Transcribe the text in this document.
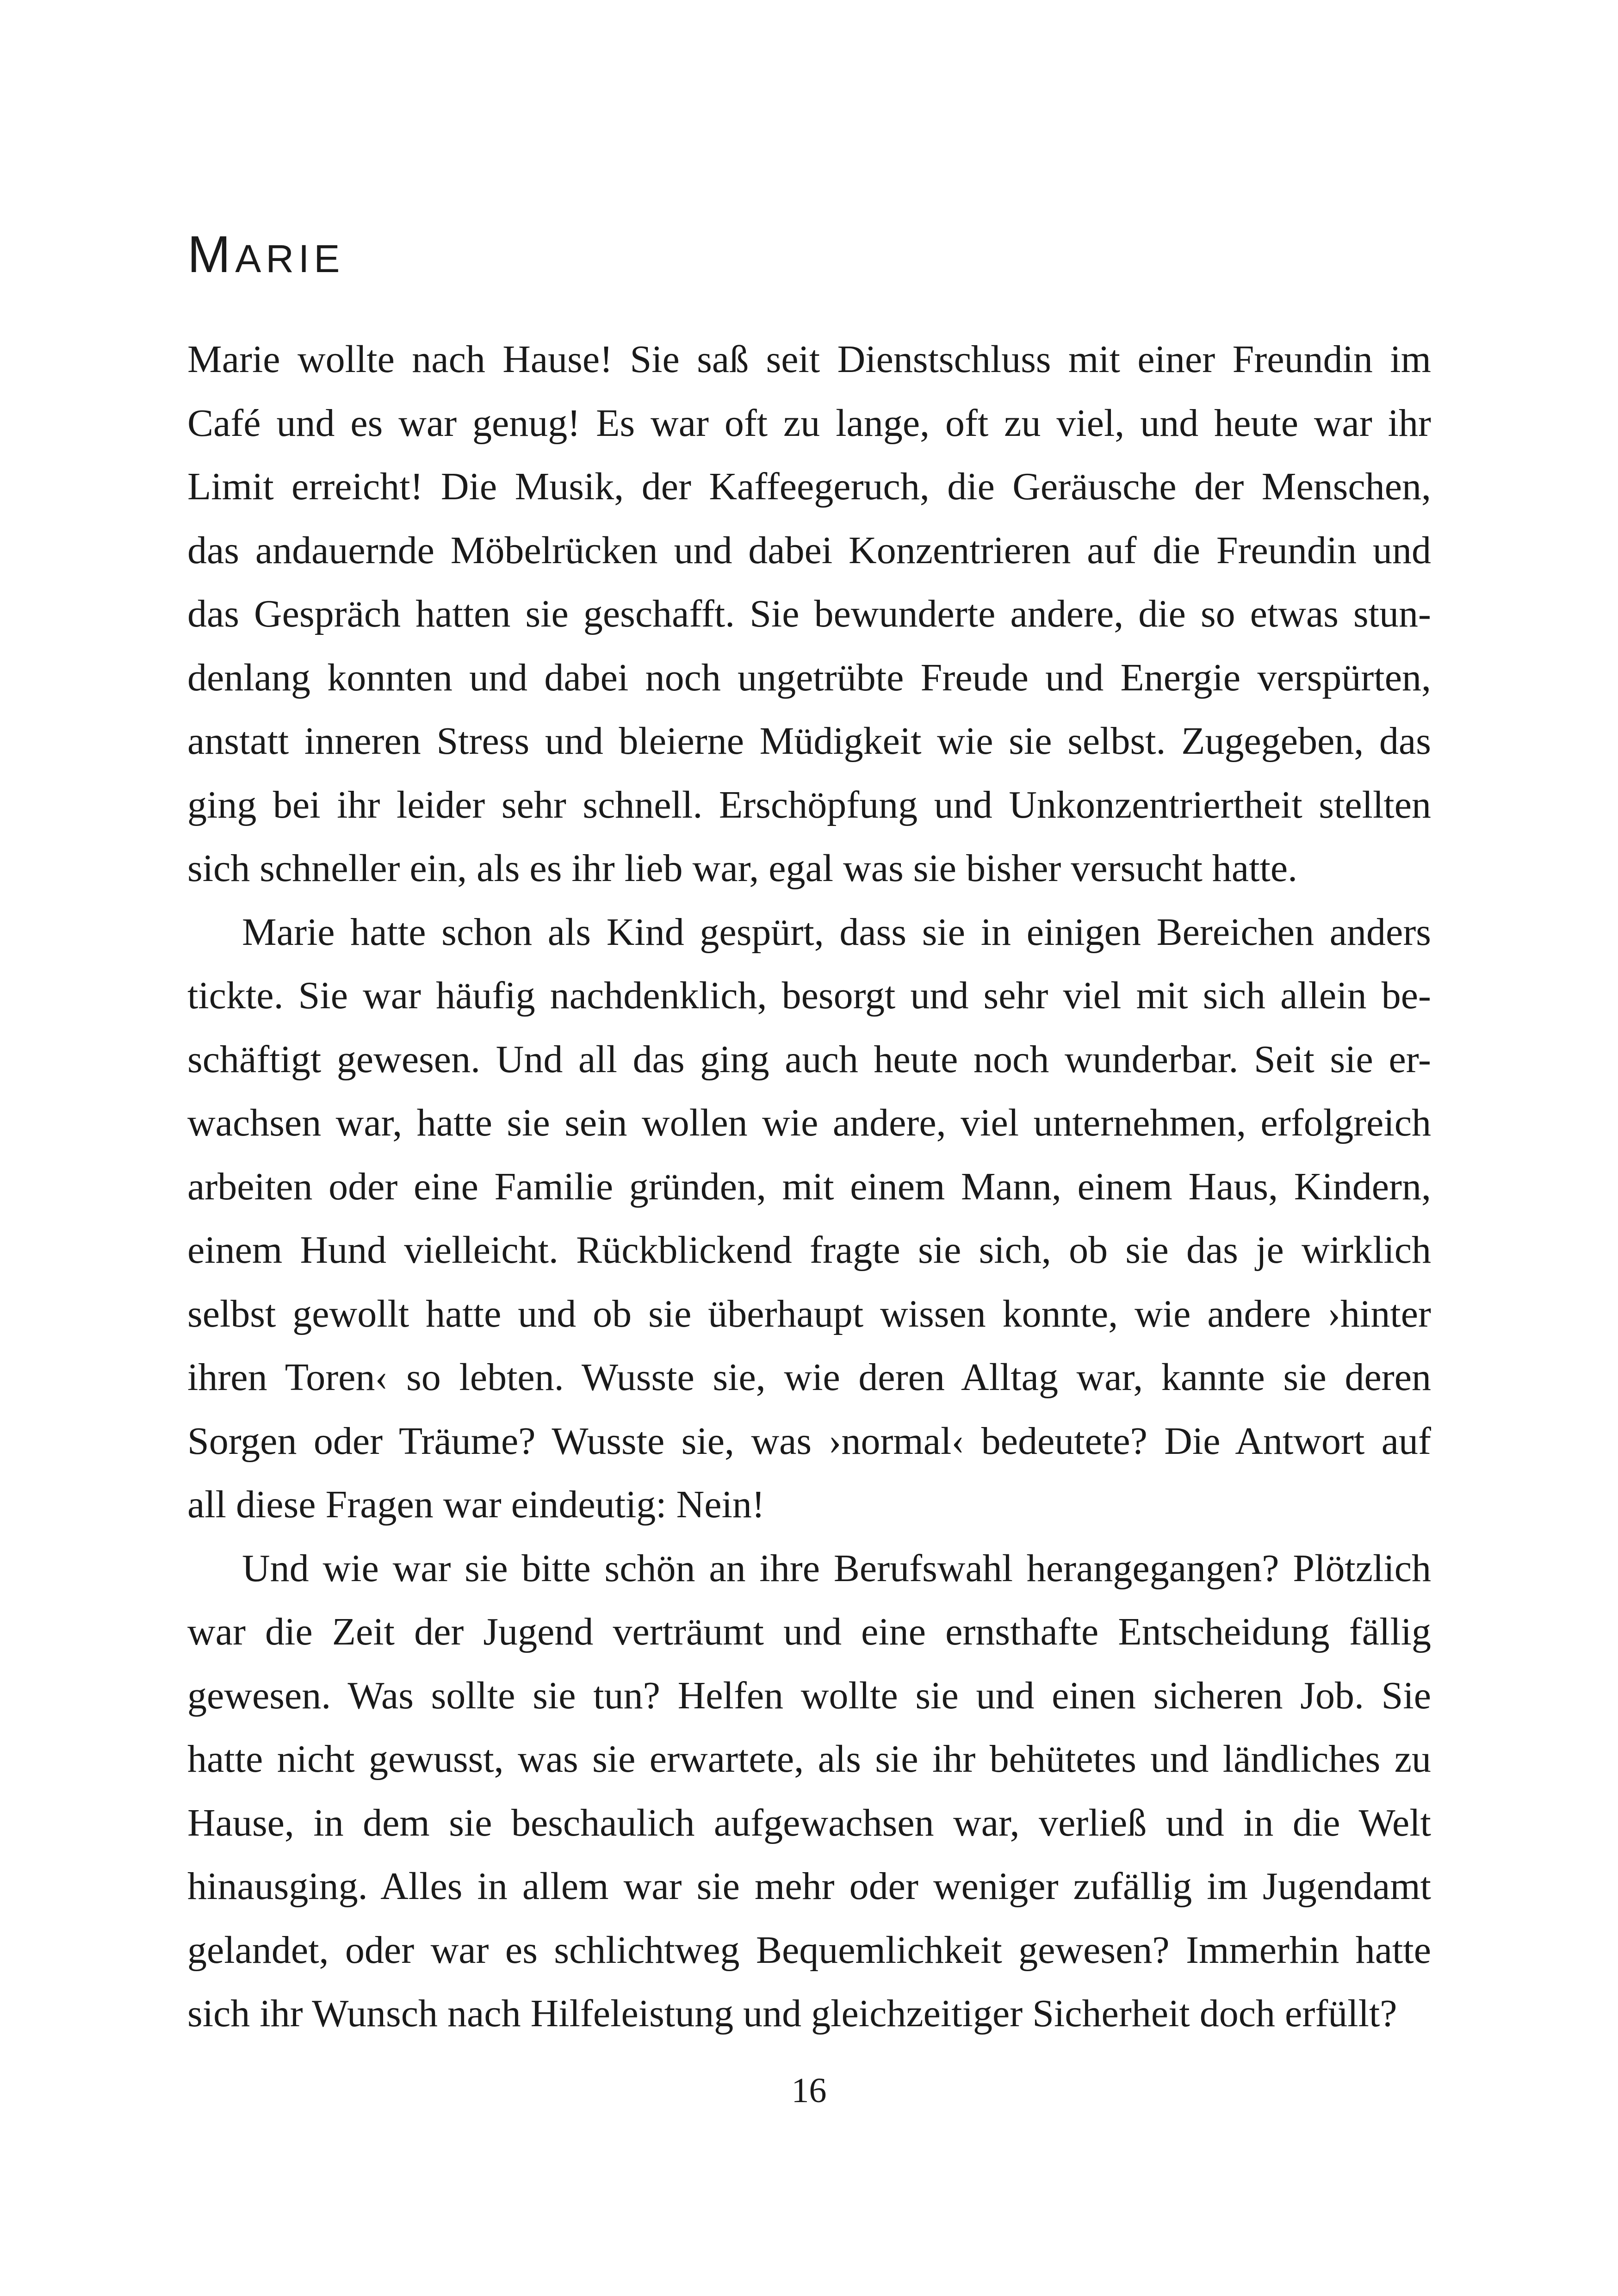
MARIE
Marie wollte nach Hause! Sie saß seit Dienstschluss mit einer Freundin im
Café und es war genug! Es war oft zu lange, oft zu viel, und heute war ihr
Limit erreicht! Die Musik, der Kaffeegeruch, die Geräusche der Menschen,
das andauernde Möbelrücken und dabei Konzentrieren auf die Freundin und
das Gespräch hatten sie geschafft. Sie bewunderte andere, die so etwas stun-
denlang konnten und dabei noch ungetrübte Freude und Energie verspürten,
anstatt inneren Stress und bleierne Müdigkeit wie sie selbst. Zugegeben, das
ging bei ihr leider sehr schnell. Erschöpfung und Unkonzentriertheit stellten
sich schneller ein, als es ihr lieb war, egal was sie bisher versucht hatte.
Marie hatte schon als Kind gespürt, dass sie in einigen Bereichen anders
tickte. Sie war häufig nachdenklich, besorgt und sehr viel mit sich allein be-
schäftigt gewesen. Und all das ging auch heute noch wunderbar. Seit sie er-
wachsen war, hatte sie sein wollen wie andere, viel unternehmen, erfolgreich
arbeiten oder eine Familie gründen, mit einem Mann, einem Haus, Kindern,
einem Hund vielleicht. Rückblickend fragte sie sich, ob sie das je wirklich
selbst gewollt hatte und ob sie überhaupt wissen konnte, wie andere ›hinter
ihren Toren‹ so lebten. Wusste sie, wie deren Alltag war, kannte sie deren
Sorgen oder Träume? Wusste sie, was ›normal‹ bedeutete? Die Antwort auf
all diese Fragen war eindeutig: Nein!
Und wie war sie bitte schön an ihre Berufswahl herangegangen? Plötzlich
war die Zeit der Jugend verträumt und eine ernsthafte Entscheidung fällig
gewesen. Was sollte sie tun? Helfen wollte sie und einen sicheren Job. Sie
hatte nicht gewusst, was sie erwartete, als sie ihr behütetes und ländliches zu
Hause, in dem sie beschaulich aufgewachsen war, verließ und in die Welt
hinausging. Alles in allem war sie mehr oder weniger zufällig im Jugendamt
gelandet, oder war es schlichtweg Bequemlichkeit gewesen? Immerhin hatte
sich ihr Wunsch nach Hilfeleistung und gleichzeitiger Sicherheit doch erfüllt?

16
